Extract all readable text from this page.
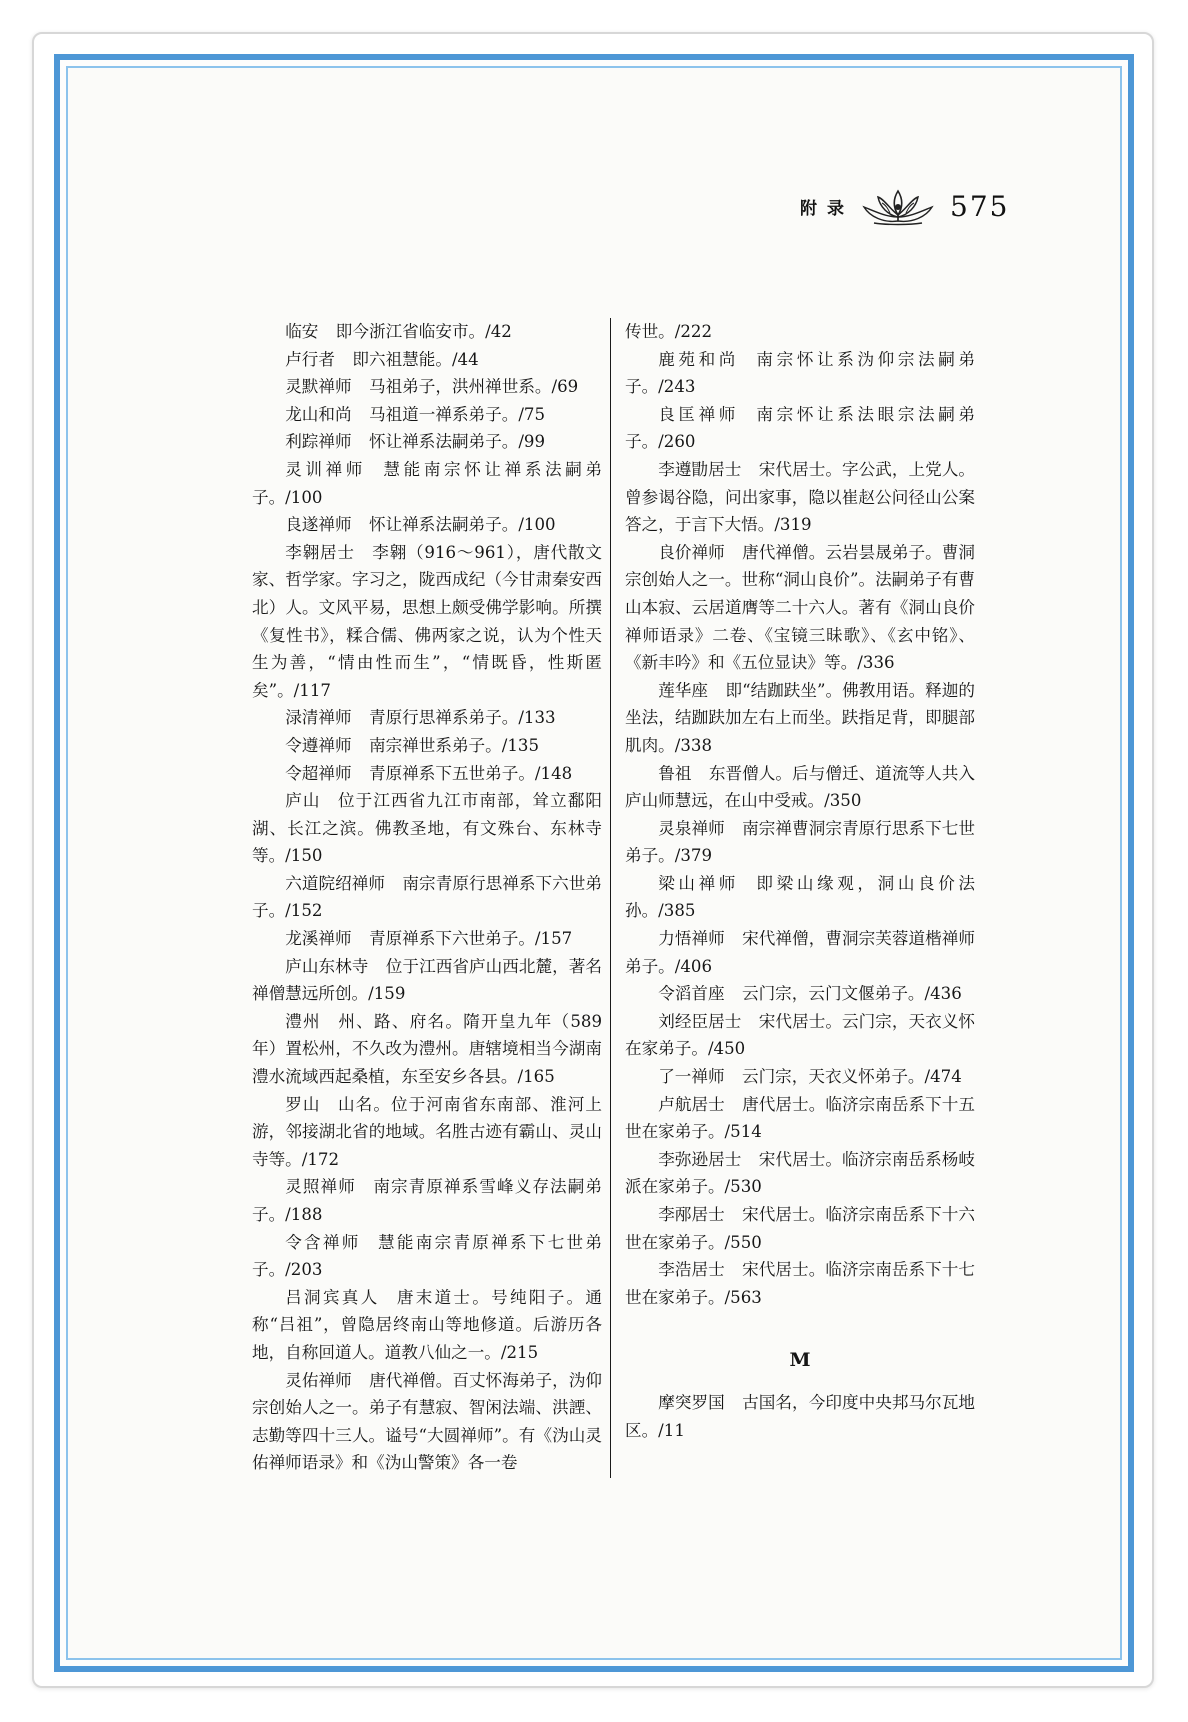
附录	575

临安 即今浙江省临安市。/42

卢行者 即六祖慧能。/44

灵默禅师 马祖弟子，洪州禅世系。/69

龙山和尚 马祖道一禅系弟子。/75

利踪禅师 怀让禅系法嗣弟子。/99

灵训禅师 慧能南宗怀让禅系法嗣弟子。/100

良遂禅师 怀让禅系法嗣弟子。/100

李翱居士 李翱（916～961），唐代散文家、哲学家。字习之，陇西成纪（今甘肃秦安西北）人。文风平易，思想上颇受佛学影响。所撰《复性书》，糅合儒、佛两家之说，认为个性天生为善，“情由性而生”，“情既昏，性斯匿矣”。/117

渌清禅师 青原行思禅系弟子。/133

令遵禅师 南宗禅世系弟子。/135

令超禅师 青原禅系下五世弟子。/148

庐山 位于江西省九江市南部，耸立鄱阳湖、长江之滨。佛教圣地，有文殊台、东林寺等。/150

六道院绍禅师 南宗青原行思禅系下六世弟子。/152

龙溪禅师 青原禅系下六世弟子。/157

庐山东林寺 位于江西省庐山西北麓，著名禅僧慧远所创。/159

澧州 州、路、府名。隋开皇九年（589年）置松州，不久改为澧州。唐辖境相当今湖南澧水流域西起桑植，东至安乡各县。/165

罗山 山名。位于河南省东南部、淮河上游，邻接湖北省的地域。名胜古迹有霸山、灵山寺等。/172

灵照禅师 南宗青原禅系雪峰义存法嗣弟子。/188

令含禅师 慧能南宗青原禅系下七世弟子。/203

吕洞宾真人 唐末道士。号纯阳子。通称“吕祖”，曾隐居终南山等地修道。后游历各地，自称回道人。道教八仙之一。/215

灵佑禅师 唐代禅僧。百丈怀海弟子，沩仰宗创始人之一。弟子有慧寂、智闲法端、洪諲、志勤等四十三人。谥号“大圆禅师”。有《沩山灵佑禅师语录》和《沩山警策》各一卷

传世。/222

鹿苑和尚 南宗怀让系沩仰宗法嗣弟子。/243

良匡禅师 南宗怀让系法眼宗法嗣弟子。/260

李遵勖居士 宋代居士。字公武，上党人。曾参谒谷隐，问出家事，隐以崔赵公问径山公案答之，于言下大悟。/319

良价禅师 唐代禅僧。云岩昙晟弟子。曹洞宗创始人之一。世称“洞山良价”。法嗣弟子有曹山本寂、云居道膺等二十六人。著有《洞山良价禅师语录》二卷、《宝镜三昧歌》、《玄中铭》、《新丰吟》和《五位显诀》等。/336

莲华座 即“结跏趺坐”。佛教用语。释迦的坐法，结跏趺加左右上而坐。趺指足背，即腿部肌肉。/338

鲁祖 东晋僧人。后与僧迁、道流等人共入庐山师慧远，在山中受戒。/350

灵泉禅师 南宗禅曹洞宗青原行思系下七世弟子。/379

梁山禅师 即梁山缘观，洞山良价法孙。/385

力悟禅师 宋代禅僧，曹洞宗芙蓉道楷禅师弟子。/406

令滔首座 云门宗，云门文偃弟子。/436

刘经臣居士 宋代居士。云门宗，天衣义怀在家弟子。/450

了一禅师 云门宗，天衣义怀弟子。/474

卢航居士 唐代居士。临济宗南岳系下十五世在家弟子。/514

李弥逊居士 宋代居士。临济宗南岳系杨岐派在家弟子。/530

李邴居士 宋代居士。临济宗南岳系下十六世在家弟子。/550

李浩居士 宋代居士。临济宗南岳系下十七世在家弟子。/563

M

摩突罗国 古国名，今印度中央邦马尔瓦地区。/11
